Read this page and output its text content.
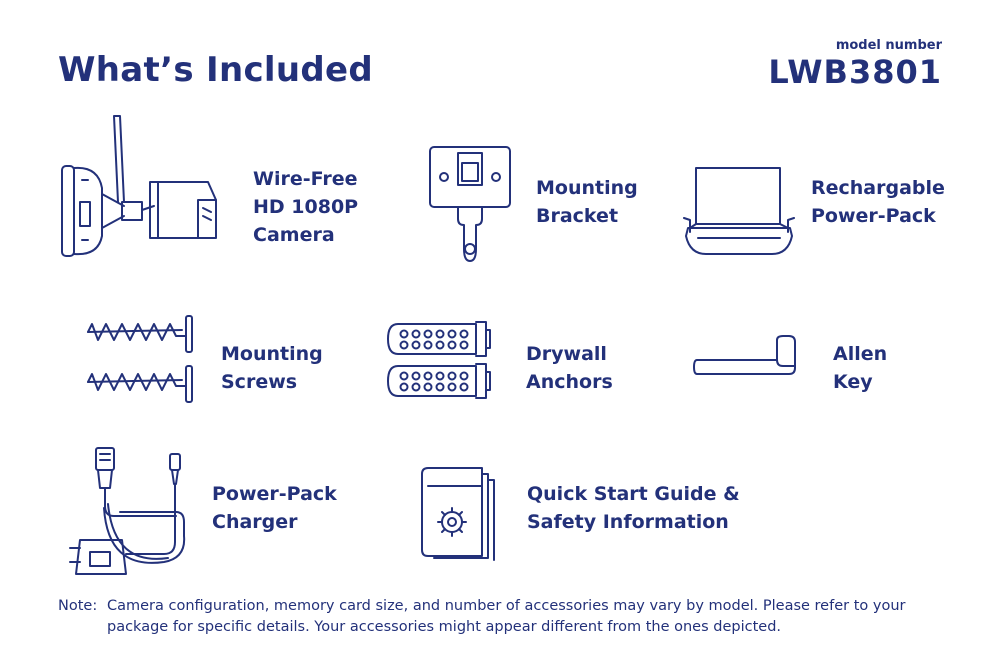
What’s Included
model number
LWB3801
Wire-Free
HD 1080P
Camera
Mounting
Bracket
Rechargable
Power-Pack
Mounting
Screws
Drywall
Anchors
Allen
Key
Power-Pack
Charger
Quick Start Guide &
Safety Information
Note: Camera configuration, memory card size, and number of accessories may vary by model. Please refer to your package for specific details. Your accessories might appear different from the ones depicted.
